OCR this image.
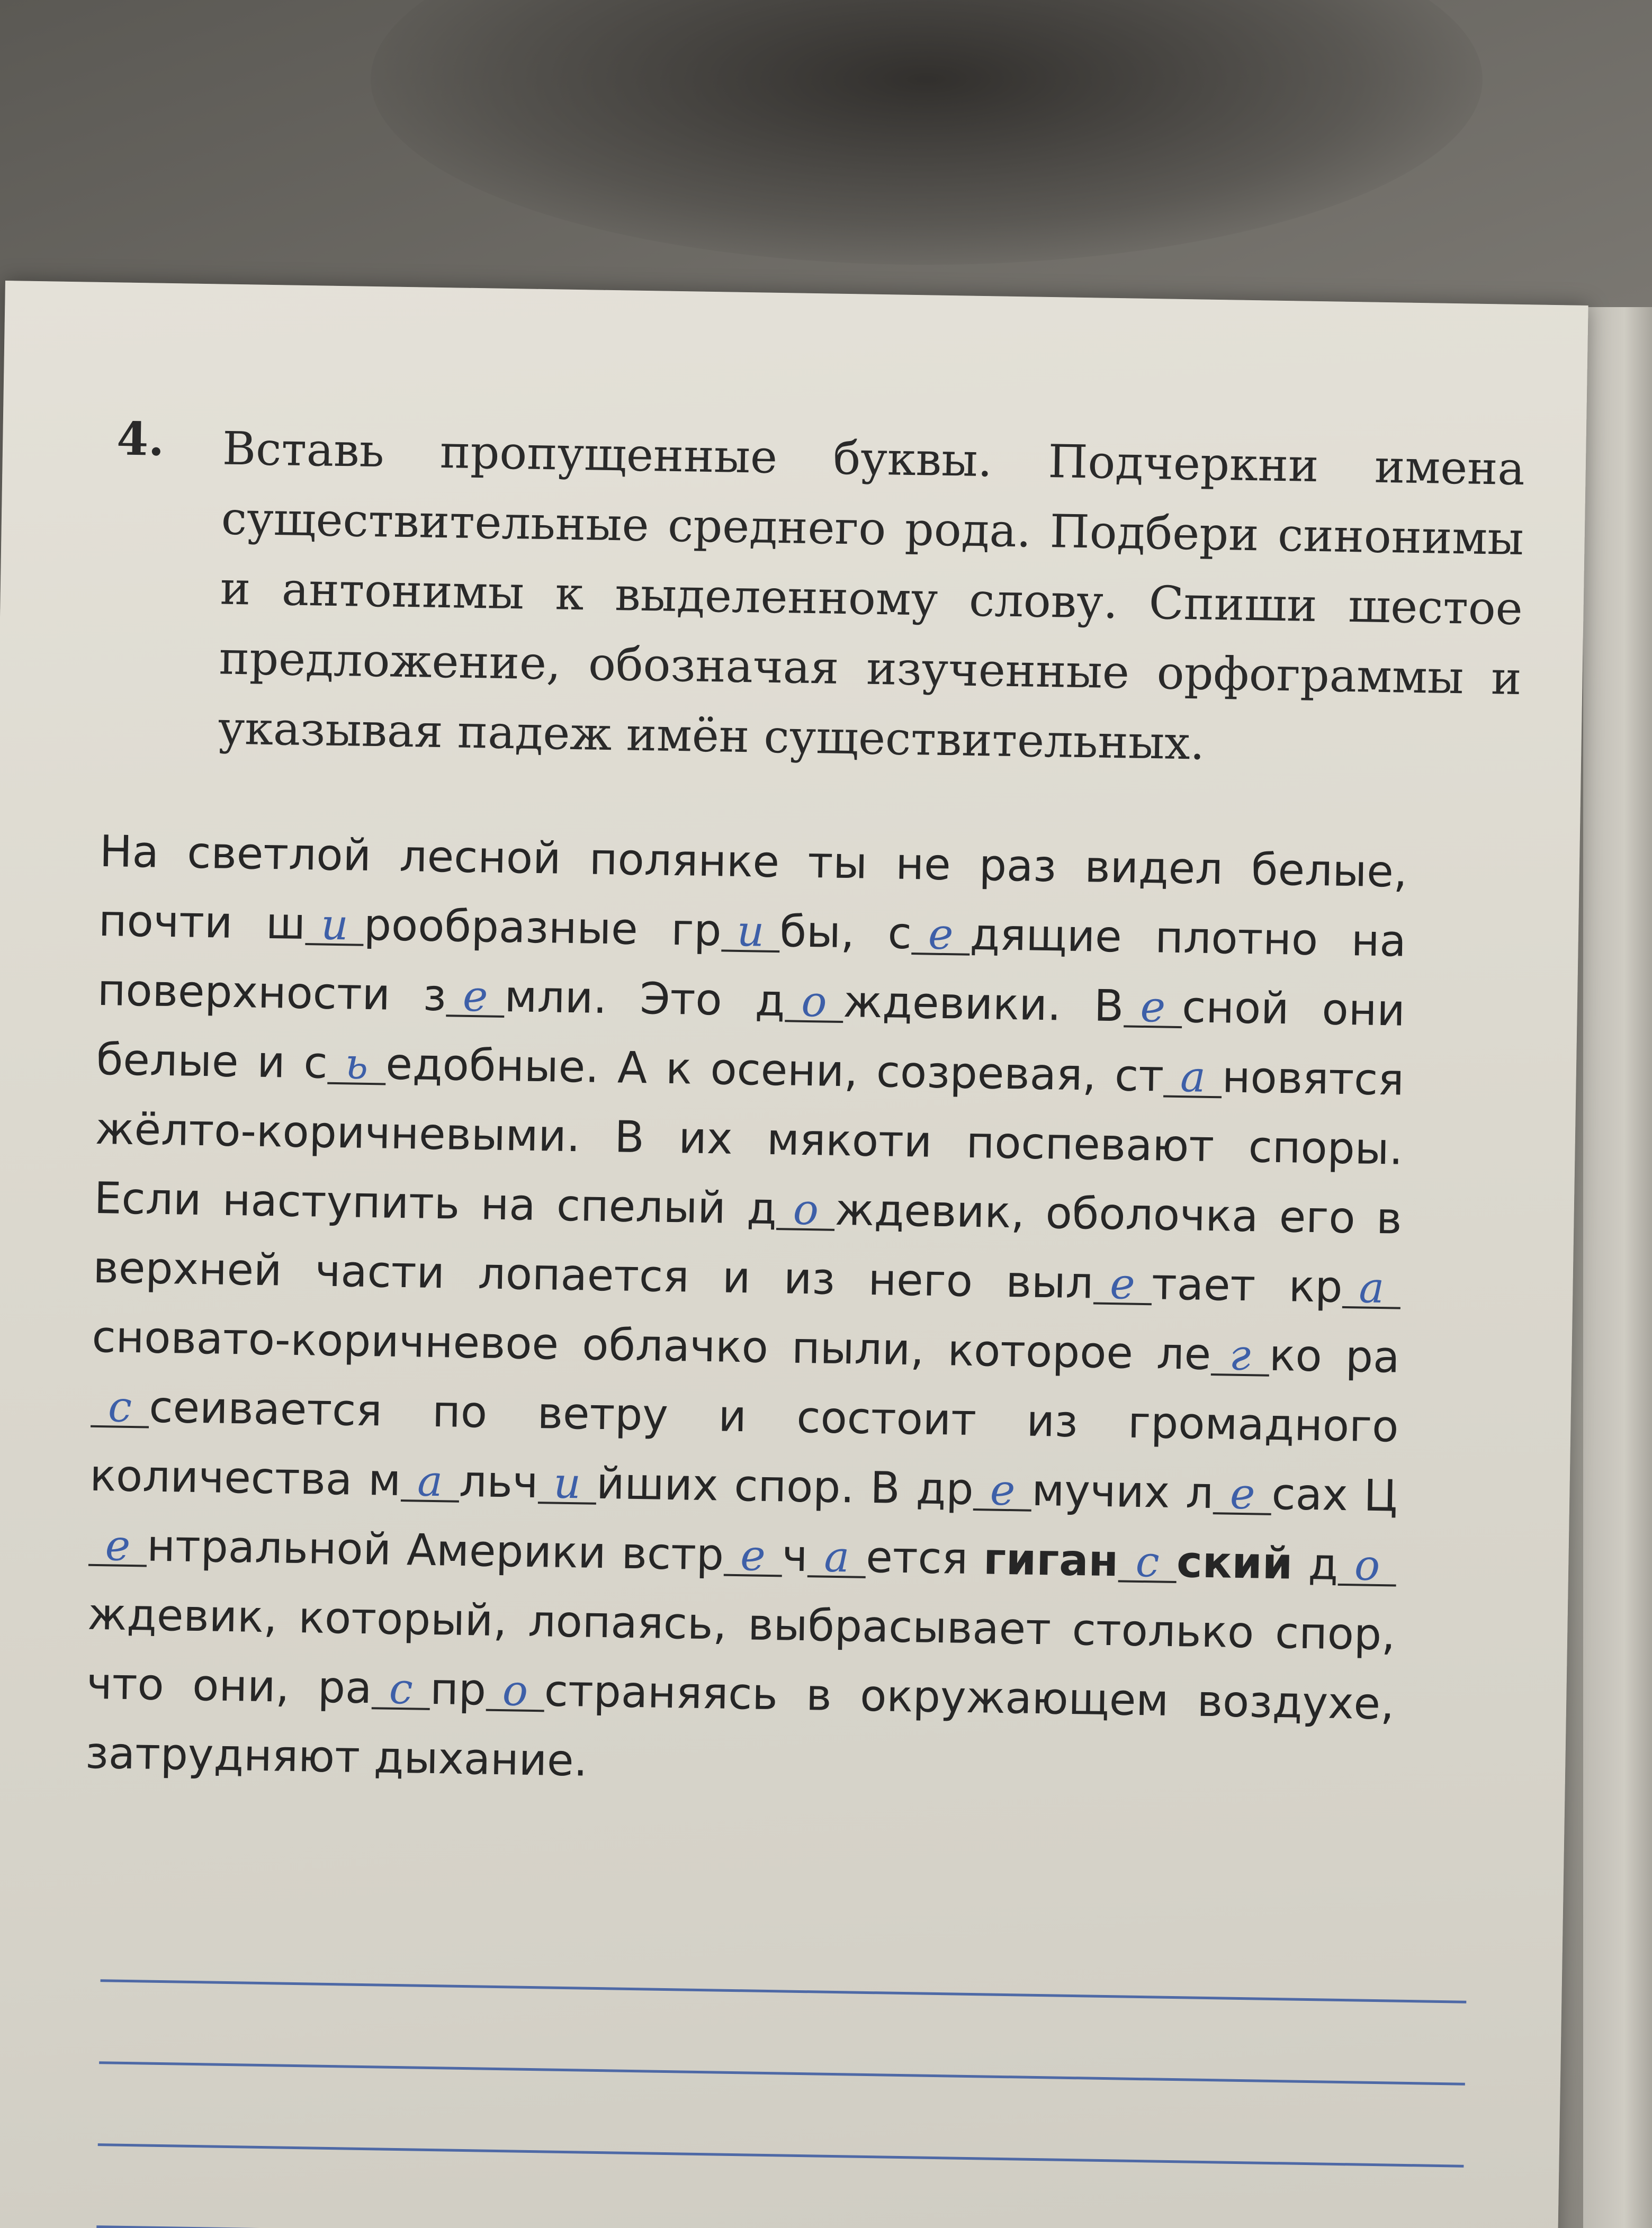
4. Вставь пропущенные буквы. Подчеркни имена существительные среднего рода. Подбери синонимы и антонимы к выделенному слову. Спиши шестое предложение, обозначая изученные орфограммы и указывая падеж имён существительных.
На светлой лесной полянке ты не раз видел белые, почти ш и рообразные гр и бы, с е дящие плотно на поверхности з е мли. Это д о ждевики. В е сной они белые и с ь едобные. А к осени, созревая, ст а новятся жёлто-коричневыми. В их мякоти поспевают споры. Если наступить на спелый д о ждевик, оболочка его в верхней части лопается и из него выл е тает кр асновато-коричневое облачко пыли, которое ле г ко рас сеивается по ветру и состоит из громадного количества м а льч и йших спор. В др е мучих л е сах Це нтральной Америки встр е ч а ется гиган с ский д ождевик, который, лопаясь, выбрасывает столько спор, что они, ра с пр о страняясь в окружающем воздухе, затрудняют дыхание.
